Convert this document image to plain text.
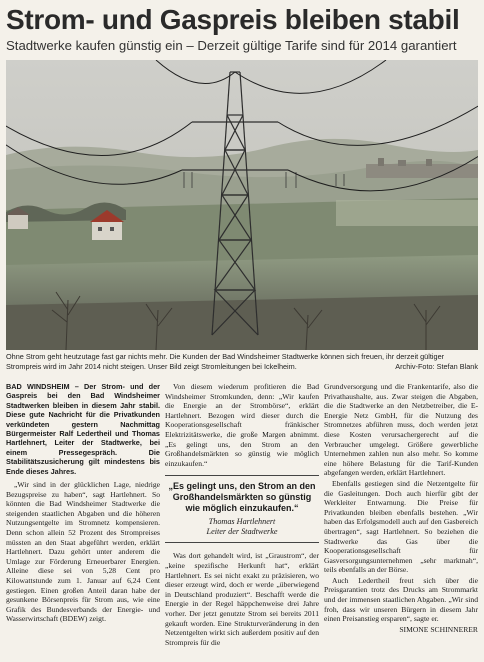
Strom- und Gaspreis bleiben stabil
Stadtwerke kaufen günstig ein – Derzeit gültige Tarife sind für 2014 garantiert
Ohne Strom geht heutzutage fast gar nichts mehr. Die Kunden der Bad Windsheimer Stadtwerke können sich freuen, ihr derzeit gültiger Strompreis wird im Jahr 2014 nicht steigen. Unser Bild zeigt Stromleitungen bei Ickelheim.	Archiv-Foto: Stefan Blank

BAD WINDSHEIM – Der Strom- und der Gaspreis bei den Bad Windsheimer Stadtwerken bleiben in diesem Jahr stabil. Diese gute Nachricht für die Privatkunden verkündeten gestern Nachmittag Bürgermeister Ralf Ledertheil und Thomas Hartlehnert, Leiter der Stadtwerke, bei einem Pressegespräch. Die Stabilitätszusicherung gilt mindestens bis Ende dieses Jahres.

„Wir sind in der glücklichen Lage, niedrige Bezugspreise zu haben“, sagt Hartlehnert. So könnten die Bad Windsheimer Stadtwerke die steigenden staatlichen Abgaben und die höheren Nutzungsentgelte im Stromnetz kompensieren. Denn schon allein 52 Prozent des Strompreises müssten an den Staat abgeführt werden, erklärt Hartlehnert. Dazu gehört unter anderem die Umlage zur Förderung Erneuerbarer Energien. Alleine diese sei von 5,28 Cent pro Kilowattstunde zum 1. Januar auf 6,24 Cent gestiegen. Einen großen Anteil daran habe der gesunkene Börsenpreis für Strom aus, wie eine Grafik des Bundesverbands der Energie- und Wasserwirtschaft (BDEW) zeigt.

Von diesem wiederum profitieren die Bad Windsheimer Stromkunden, denn: „Wir kaufen die Energie an der Strombörse“, erklärt Hartlehnert. Bezogen wird dieser durch die Kooperationsgesellschaft fränkischer Elektrizitätswerke, die große Margen abnimmt. „Es gelingt uns, den Strom an den Großhandelsmärkten so günstig wie möglich einzukaufen.“

„Es gelingt uns, den Strom an den Großhandelsmärkten so günstig wie möglich einzukaufen.“
Thomas Hartlehnert
Leiter der Stadtwerke

Was dort gehandelt wird, ist „Graustrom“, der „keine spezifische Herkunft hat“, erklärt Hartlehnert. Es sei nicht exakt zu präzisieren, wo dieser erzeugt wird, doch er werde „überwiegend in Deutschland produziert“. Beschafft werde die Energie in der Regel häppchenweise drei Jahre vorher. Der jetzt genutzte Strom sei bereits 2011 gekauft worden. Eine Strukturveränderung in den Netzentgelten wirkt sich außerdem positiv auf den Strompreis für die

Grundversorgung und die Frankentarife, also die Privathaushalte, aus. Zwar steigen die Abgaben, die die Stadtwerke an den Netzbetreiber, die E-Energie Netz GmbH, für die Nutzung des Stromnetzes abführen muss, doch werden jetzt diese Kosten verursachergerecht auf die Verbraucher umgelegt. Größere gewerbliche Unternehmen zahlen nun also mehr. So komme eine höhere Belastung für die Tarif-Kunden abgefangen werden, erklärt Hartlehnert.

Ebenfalls gestiegen sind die Netzentgelte für die Gasleitungen. Doch auch hierfür gibt der Werkleiter Entwarnung. Die Preise für Privatkunden bleiben ebenfalls bestehen. „Wir haben das Erfolgsmodell auch auf den Gasbereich übertragen“, sagt Hartlehnert. So beziehen die Stadtwerke das Gas über die Kooperationsgesellschaft für Gasversorgungsunternehmen „sehr marktnah“, teils ebenfalls an der Börse.

Auch Ledertheil freut sich über die Preisgarantien trotz des Drucks am Strommarkt und der immensen staatlichen Abgaben. „Wir sind froh, dass wir unseren Bürgern in diesem Jahr einen Preisanstieg ersparen“, sagte er.

SIMONE SCHINNERER
